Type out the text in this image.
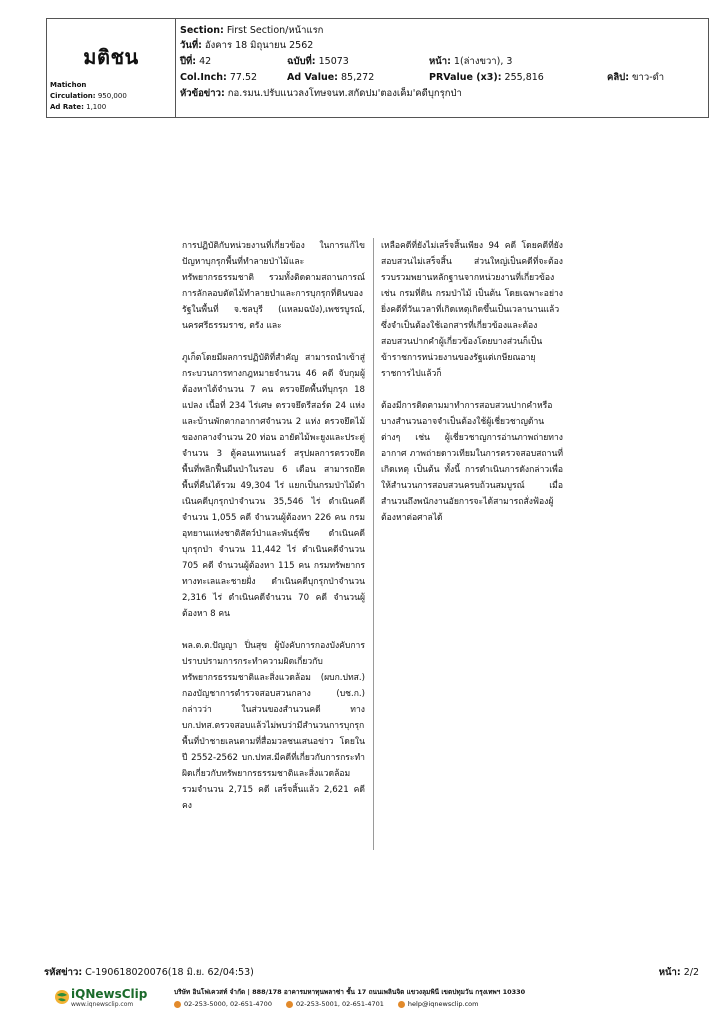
มติชน
Matichon
Circulation: 950,000
Ad Rate: 1,100
Section: First Section/หน้าแรก
วันที่: อังคาร 18 มิถุนายน 2562
ปีที่: 42	ฉบับที่: 15073	หน้า: 1(ล่างขวา), 3
Col.Inch: 77.52	Ad Value: 85,272	PRValue (x3): 255,816	คลิป: ขาว-ดำ
หัวข้อข่าว: กอ.รมน.ปรับแนวลงโทษจนท.สกัดปม'ตองเค็ม'คดีบุกรุกป่า

การปฏิบัติกับหน่วยงานที่เกี่ยวข้อง ในการแก้ไขปัญหาบุกรุกพื้นที่ทำลายป่าไม้และทรัพยากรธรรมชาติ รวมทั้งติดตามสถานการณ์การลักลอบตัดไม้ทำลายป่าและการบุกรุกที่ดินของรัฐในพื้นที่ จ.ชลบุรี (แหลมฉบัง),เพชรบูรณ์, นครศรีธรรมราช, ตรัง และ

ภูเก็ตโดยมีผลการปฏิบัติที่สำคัญ สามารถนำเข้าสู่กระบวนการทางกฎหมายจำนวน 46 คดี จับกุมผู้ต้องหาได้จำนวน 7 คน ตรวจยึดพื้นที่บุกรุก 18 แปลง เนื้อที่ 234 ไร่เศษ ตรวจยึดรีสอร์ต 24 แห่ง และบ้านพักตากอากาศจำนวน 2 แห่ง ตรวจยึดไม้ของกลางจำนวน 20 ท่อน อายัดไม้พะยูงและประดู่จำนวน 3 ตู้คอนเทนเนอร์ สรุปผลการตรวจยึดพื้นที่พลิกฟื้นผืนป่าในรอบ 6 เดือน สามารถยึดพื้นที่คืนได้รวม 49,304 ไร่ แยกเป็นกรมป่าไม้ดำเนินคดีบุกรุกป่าจำนวน 35,546 ไร่ ดำเนินคดีจำนวน 1,055 คดี จำนวนผู้ต้องหา 226 คน กรมอุทยานแห่งชาติสัตว์ป่าและพันธุ์พืช ดำเนินคดีบุกรุกป่า จำนวน 11,442 ไร่ ดำเนินคดีจำนวน 705 คดี จำนวนผู้ต้องหา 115 คน กรมทรัพยากรทางทะเลและชายฝั่ง ดำเนินคดีบุกรุกป่าจำนวน 2,316 ไร่ ดำเนินคดีจำนวน 70 คดี จำนวนผู้ต้องหา 8 คน

พล.ต.ต.ปัญญา ปิ่นสุข ผู้บังคับการกองบังคับการปราบปรามการกระทำความผิดเกี่ยวกับทรัพยากรธรรมชาติและสิ่งแวดล้อม (ผบก.ปทส.) กองบัญชาการตำรวจสอบสวนกลาง (บช.ก.) กล่าวว่า ในส่วนของสำนวนคดี ทาง บก.ปทส.ตรวจสอบแล้วไม่พบว่ามีสำนวนการบุกรุกพื้นที่ป่าชายเลนตามที่สื่อมวลชนเสนอข่าว โดยในปี 2552-2562 บก.ปทส.มีคดีที่เกี่ยวกับการกระทำผิดเกี่ยวกับทรัพยากรธรรมชาติและสิ่งแวดล้อม รวมจำนวน 2,715 คดี เสร็จสิ้นแล้ว 2,621 คดี คง

เหลือคดีที่ยังไม่เสร็จสิ้นเพียง 94 คดี โดยคดีที่ยังสอบสวนไม่เสร็จสิ้น ส่วนใหญ่เป็นคดีที่จะต้องรวบรวมพยานหลักฐานจากหน่วยงานที่เกี่ยวข้อง เช่น กรมที่ดิน กรมป่าไม้ เป็นต้น โดยเฉพาะอย่างยิ่งคดีที่วันเวลาที่เกิดเหตุเกิดขึ้นเป็นเวลานานแล้ว ซึ่งจำเป็นต้องใช้เอกสารที่เกี่ยวข้องและต้องสอบสวนปากคำผู้เกี่ยวข้องโดยบางส่วนก็เป็นข้าราชการหน่วยงานของรัฐแต่เกษียณอายุราชการไปแล้วก็

ต้องมีการติดตามมาทำการสอบสวนปากคำหรือบางสำนวนอาจจำเป็นต้องใช้ผู้เชี่ยวชาญด้านต่างๆ เช่น ผู้เชี่ยวชาญการอ่านภาพถ่ายทางอากาศ ภาพถ่ายดาวเทียมในการตรวจสอบสถานที่เกิดเหตุ เป็นต้น ทั้งนี้ การดำเนินการดังกล่าวเพื่อให้สำนวนการสอบสวนครบถ้วนสมบูรณ์ เมื่อสำนวนถึงพนักงานอัยการจะได้สามารถสั่งฟ้องผู้ต้องหาต่อศาลได้

รหัสข่าว: C-190618020076(18 มิ.ย. 62/04:53)	หน้า: 2/2
iQNewsClip
www.iqnewsclip.com
บริษัท อินโฟเควสท์ จำกัด | 888/178 อาคารมหาทุนพลาซ่า ชั้น 17 ถนนเพลินจิต แขวงลุมพินี เขตปทุมวัน กรุงเทพฯ 10330
02-253-5000, 02-651-4700	02-253-5001, 02-651-4701	help@iqnewsclip.com
